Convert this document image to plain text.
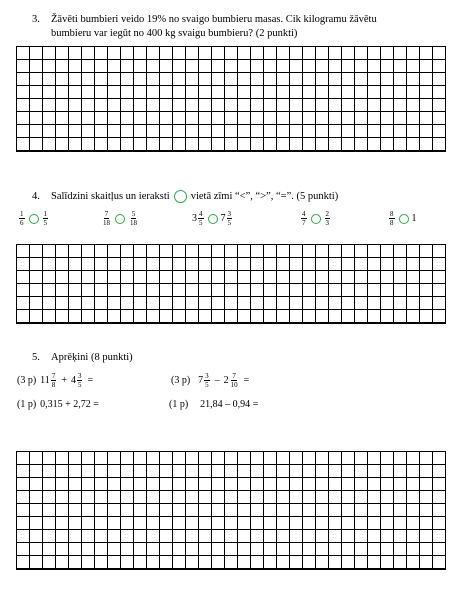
3. Žāvēti bumbieri veido 19% no svaigo bumbieru masas. Cik kilogramu žāvētu
bumbieru var iegūt no 400 kg svaigu bumbieru? (2 punkti)
4. Salīdzini skaitļus un ieraksti vietā zīmi “<”, “>”, “=”. (5 punkti)
$\frac{1}{6}$	$\frac{1}{5}$	$\frac{7}{18}$	$\frac{5}{18}$	$3 \frac{4}{5} 7 \frac{3}{5}$	$\frac{4}{7}$	$\frac{2}{3}$	$\frac{8}{8} 1$
5. Aprēķini (8 punkti)
(3 p) $11 \frac{7}{8} + 4 \frac{3}{5}$ =	(3 p) $7 \frac{3}{5} - 2 \frac{7}{10}$ =
(1 p) 0,315 + 2,72 =	(1 p) 21,84 – 0,94 =
